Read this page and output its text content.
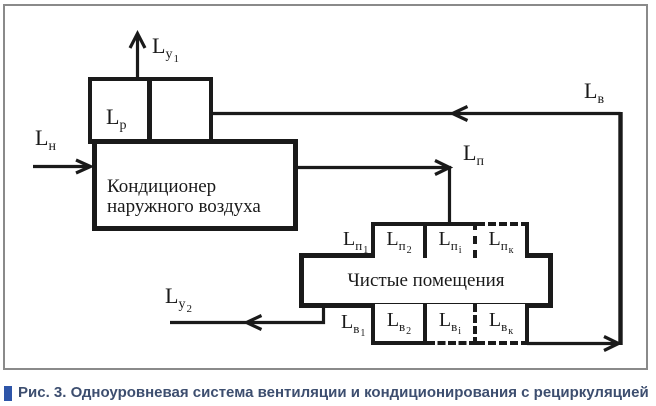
Кондиционер
наружного воздуха
Чистые помещения
$L_{п2}$
$L_{пi}$
$L_{пк}$
$L_{в2}$
$L_{вi}$
$L_{вк}$
$Lу_1$
Lр
Lн	Lп
Lв
$Lу_2$
$L_{п1}$
$L_{в1}$
Рис. 3. Одноуровневая система вентиляции и кондиционирования с рециркуляцией
